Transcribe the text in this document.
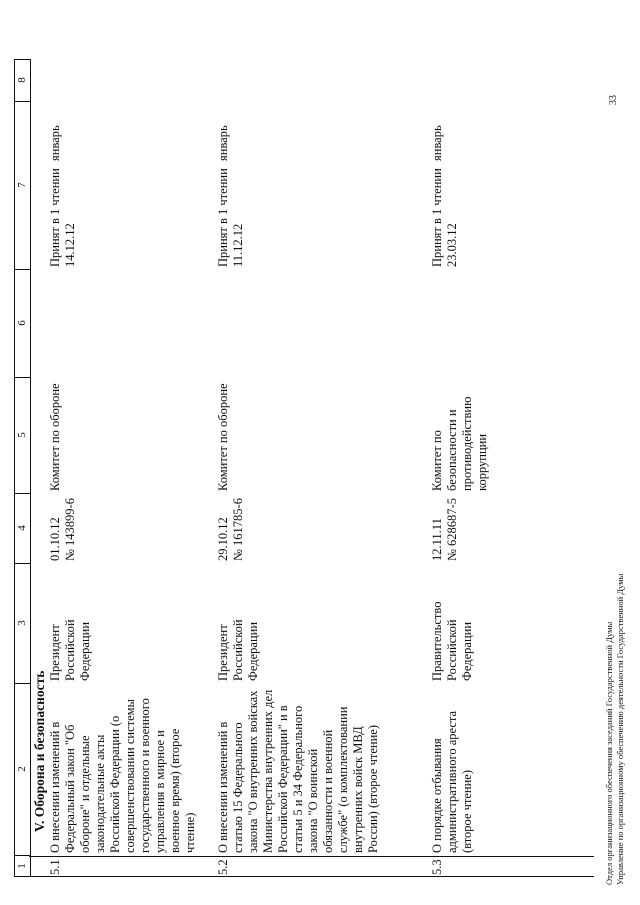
1
2
3
4
5
6
7
8
V. Оборона и безопасность
5.1
О внесении изменений в Федеральный закон "Об обороне" и отдельные законодательные акты Российской Федерации (о совершенствовании системы государственного и военного управления в мирное и военное время) (второе чтение)
Президент Российской Федерации
01.10.12
№ 143899-6
Комитет по обороне
Принят в 1 чтении
14.12.12
январь
5.2
О внесении изменений в статью 15 Федерального закона "О внутренних войсках Министерства внутренних дел Российской Федерации" и в статьи 5 и 34 Федерального закона "О воинской обязанности и военной службе" (о комплектовании внутренних войск МВД России) (второе чтение)
Президент Российской Федерации
29.10.12
№ 161785-6
Комитет по обороне
Принят в 1 чтении
11.12.12
январь
5.3
О порядке отбывания административного ареста (второе чтение)
Правительство Российской Федерации
12.11.11
№ 628687-5
Комитет по безопасности и противодействию коррупции
Принят в 1 чтении
23.03.12
январь
Отдел организационного обеспечения заседаний Государственной Думы Управление по организационному обеспечению деятельности Государственной Думы
33
